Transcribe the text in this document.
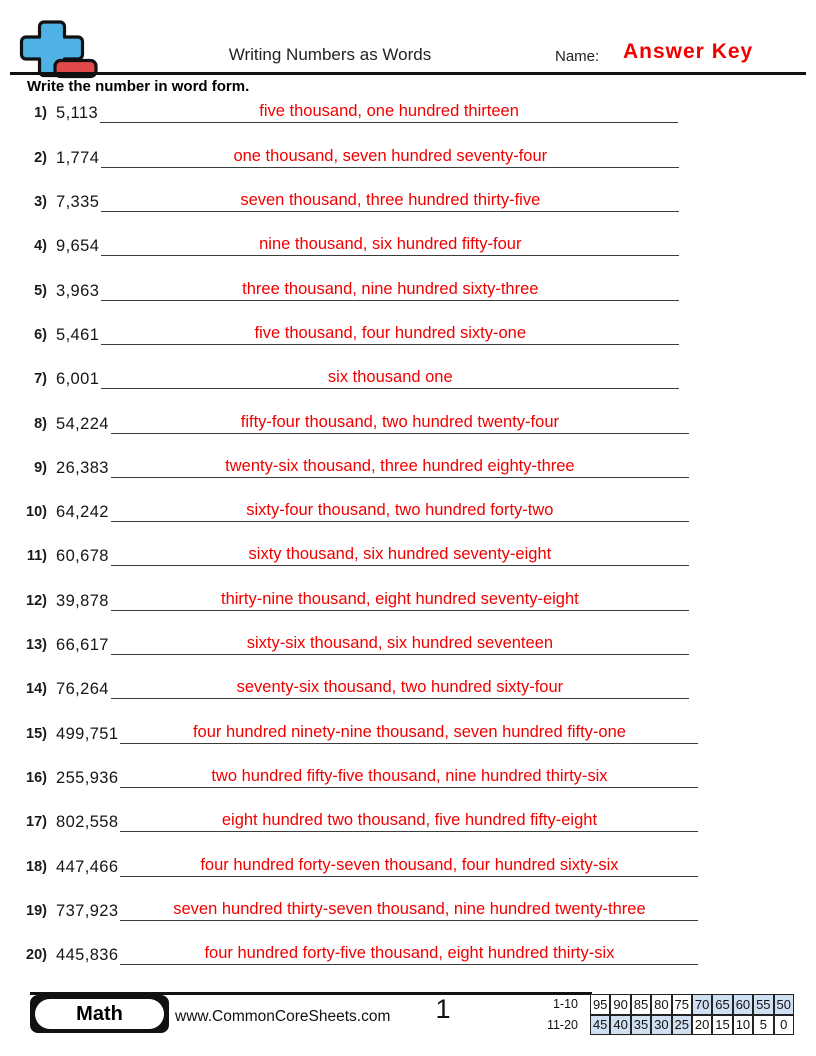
Writing Numbers as Words	Name: Answer Key
Write the number in word form.
1) 5,113	five thousand, one hundred thirteen
2) 1,774	one thousand, seven hundred seventy-four
3) 7,335	seven thousand, three hundred thirty-five
4) 9,654	nine thousand, six hundred fifty-four
5) 3,963	three thousand, nine hundred sixty-three
6) 5,461	five thousand, four hundred sixty-one
7) 6,001	six thousand one
8) 54,224	fifty-four thousand, two hundred twenty-four
9) 26,383	twenty-six thousand, three hundred eighty-three
10) 64,242	sixty-four thousand, two hundred forty-two
11) 60,678	sixty thousand, six hundred seventy-eight
12) 39,878	thirty-nine thousand, eight hundred seventy-eight
13) 66,617	sixty-six thousand, six hundred seventeen
14) 76,264	seventy-six thousand, two hundred sixty-four
15) 499,751	four hundred ninety-nine thousand, seven hundred fifty-one
16) 255,936	two hundred fifty-five thousand, nine hundred thirty-six
17) 802,558	eight hundred two thousand, five hundred fifty-eight
18) 447,466	four hundred forty-seven thousand, four hundred sixty-six
19) 737,923	seven hundred thirty-seven thousand, nine hundred twenty-three
20) 445,836	four hundred forty-five thousand, eight hundred thirty-six
Math	www.CommonCoreSheets.com	1	1-10	95 90 85 80 75 70 65 60 55 50
11-20	45 40 35 30 25 20 15 10 5	0
